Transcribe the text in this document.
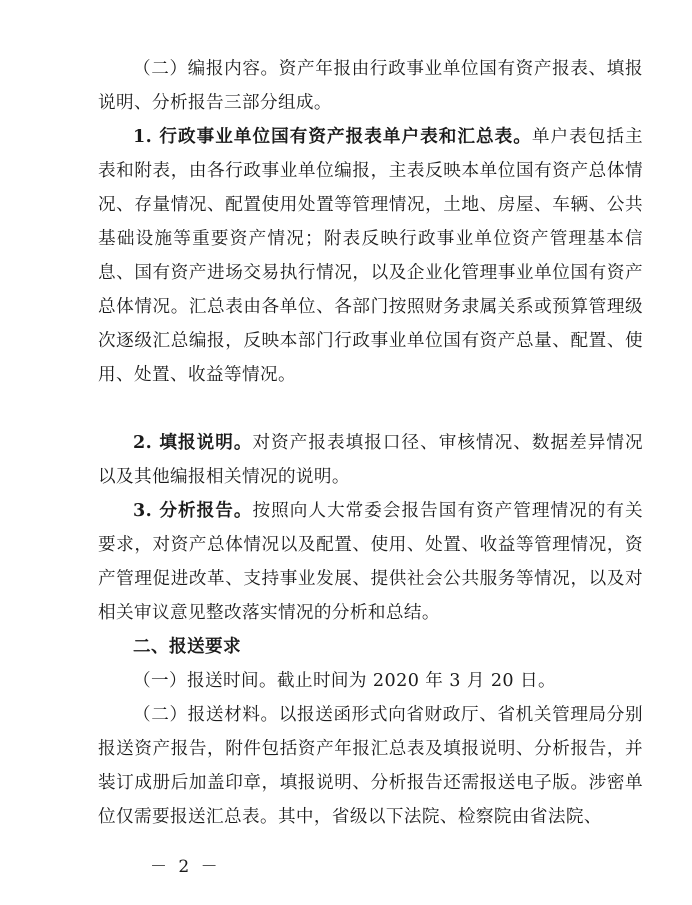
（二）编报内容。资产年报由行政事业单位国有资产报表、填报说明、分析报告三部分组成。

1. 行政事业单位国有资产报表单户表和汇总表。单户表包括主表和附表，由各行政事业单位编报，主表反映本单位国有资产总体情况、存量情况、配置使用处置等管理情况，土地、房屋、车辆、公共基础设施等重要资产情况；附表反映行政事业单位资产管理基本信息、国有资产进场交易执行情况，以及企业化管理事业单位国有资产总体情况。汇总表由各单位、各部门按照财务隶属关系或预算管理级次逐级汇总编报，反映本部门行政事业单位国有资产总量、配置、使用、处置、收益等情况。

2. 填报说明。对资产报表填报口径、审核情况、数据差异情况以及其他编报相关情况的说明。

3. 分析报告。按照向人大常委会报告国有资产管理情况的有关要求，对资产总体情况以及配置、使用、处置、收益等管理情况，资产管理促进改革、支持事业发展、提供社会公共服务等情况，以及对相关审议意见整改落实情况的分析和总结。

二、报送要求

（一）报送时间。截止时间为 2020 年 3 月 20 日。

（二）报送材料。以报送函形式向省财政厅、省机关管理局分别报送资产报告，附件包括资产年报汇总表及填报说明、分析报告，并装订成册后加盖印章，填报说明、分析报告还需报送电子版。涉密单位仅需要报送汇总表。其中，省级以下法院、检察院由省法院、

－ 2 －
